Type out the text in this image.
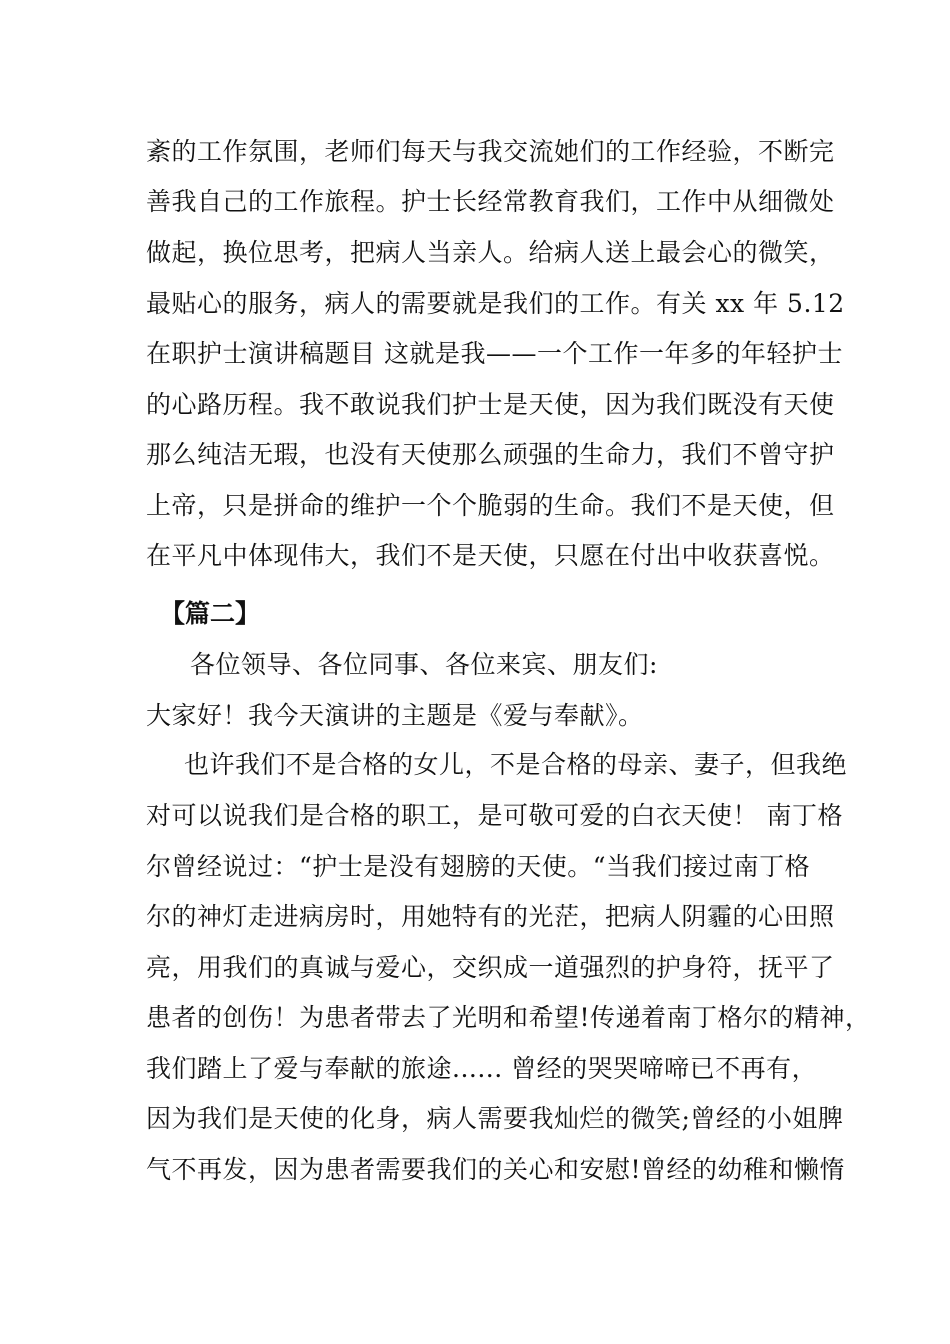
紊的工作氛围，老师们每天与我交流她们的工作经验，不断完
善我自己的工作旅程。护士长经常教育我们，工作中从细微处
做起，换位思考，把病人当亲人。给病人送上最会心的微笑，
最贴心的服务，病人的需要就是我们的工作。有关 xx 年 5.12
在职护士演讲稿题目 这就是我——一个工作一年多的年轻护士
的心路历程。我不敢说我们护士是天使，因为我们既没有天使
那么纯洁无瑕，也没有天使那么顽强的生命力，我们不曾守护
上帝，只是拼命的维护一个个脆弱的生命。我们不是天使，但
在平凡中体现伟大，我们不是天使，只愿在付出中收获喜悦。
【篇二】
各位领导、各位同事、各位来宾、朋友们:
大家好！我今天演讲的主题是《爱与奉献》。
也许我们不是合格的女儿，不是合格的母亲、妻子，但我绝
对可以说我们是合格的职工，是可敬可爱的白衣天使！ 南丁格
尔曾经说过：“护士是没有翅膀的天使。“当我们接过南丁格
尔的神灯走进病房时，用她特有的光茫，把病人阴霾的心田照
亮，用我们的真诚与爱心，交织成一道强烈的护身符，抚平了
患者的创伤！为患者带去了光明和希望!传递着南丁格尔的精神，
我们踏上了爱与奉献的旅途...... 曾经的哭哭啼啼已不再有，
因为我们是天使的化身，病人需要我灿烂的微笑;曾经的小姐脾
气不再发，因为患者需要我们的关心和安慰!曾经的幼稚和懒惰
